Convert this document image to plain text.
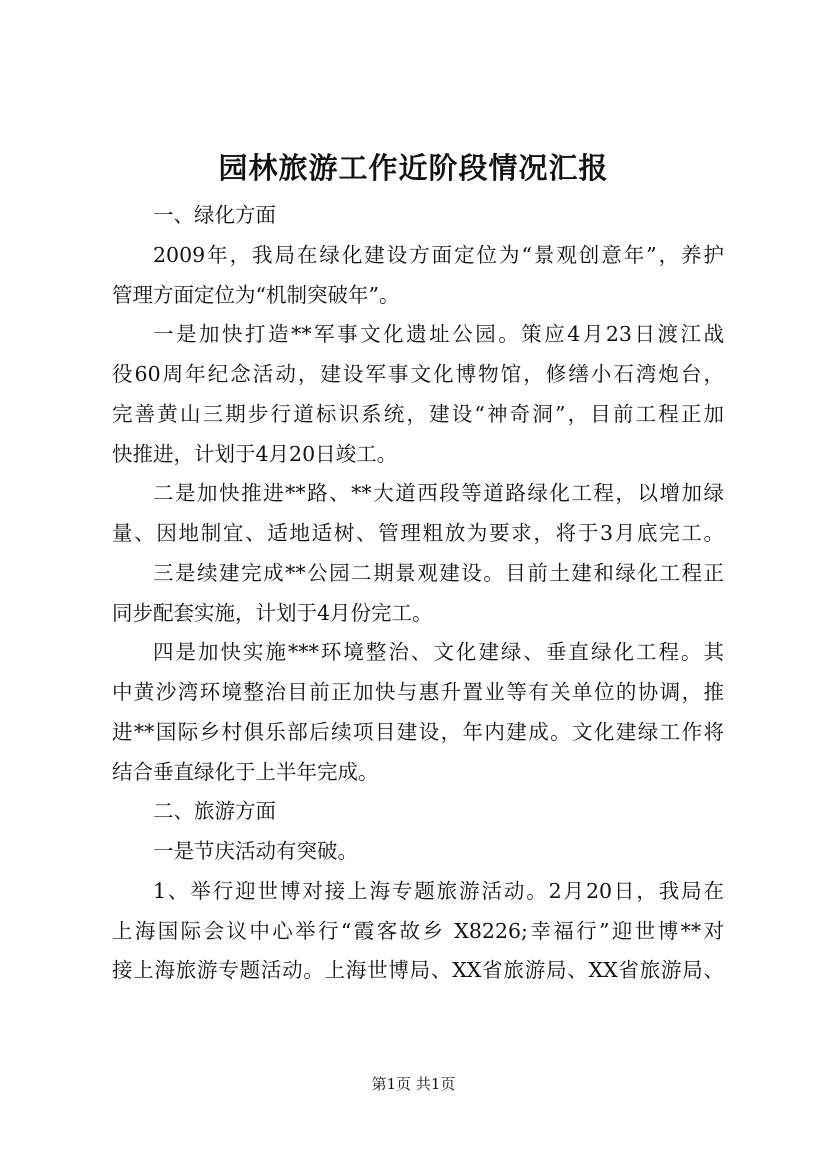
园林旅游工作近阶段情况汇报
一、绿化方面
2009年，我局在绿化建设方面定位为“景观创意年”，养护
管理方面定位为“机制突破年”。
一是加快打造**军事文化遗址公园。策应4月23日渡江战
役60周年纪念活动，建设军事文化博物馆，修缮小石湾炮台，
完善黄山三期步行道标识系统，建设“神奇洞”，目前工程正加
快推进，计划于4月20日竣工。
二是加快推进**路、**大道西段等道路绿化工程，以增加绿
量、因地制宜、适地适树、管理粗放为要求，将于3月底完工。
三是续建完成**公园二期景观建设。目前土建和绿化工程正
同步配套实施，计划于4月份完工。
四是加快实施***环境整治、文化建绿、垂直绿化工程。其
中黄沙湾环境整治目前正加快与惠升置业等有关单位的协调，推
进**国际乡村俱乐部后续项目建设，年内建成。文化建绿工作将
结合垂直绿化于上半年完成。
二、旅游方面
一是节庆活动有突破。
1、举行迎世博对接上海专题旅游活动。2月20日，我局在
上海国际会议中心举行“霞客故乡 X8226;幸福行”迎世博**对
接上海旅游专题活动。上海世博局、XX省旅游局、XX省旅游局、
第1页 共1页
